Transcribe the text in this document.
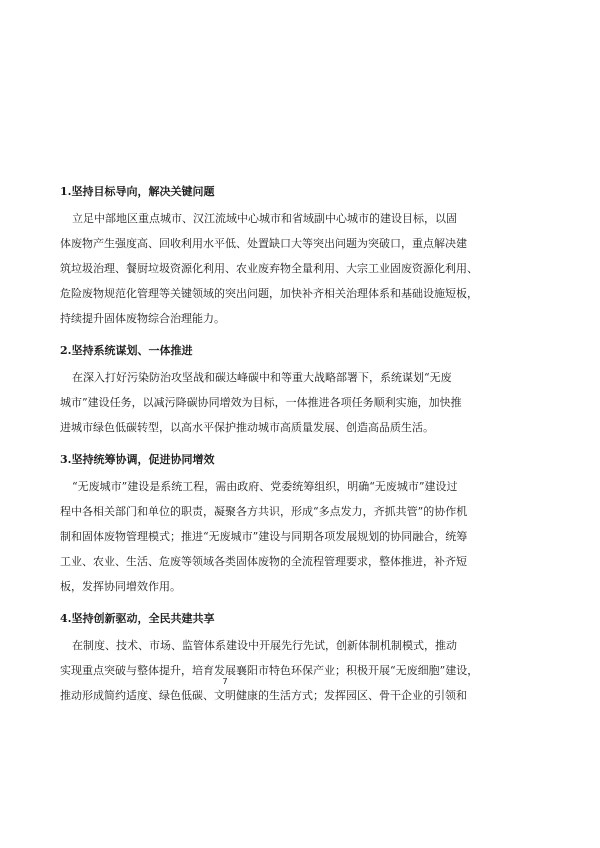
1.坚持目标导向，解决关键问题

立足中部地区重点城市、汉江流域中心城市和省域副中心城市的建设目标，以固
体废物产生强度高、回收利用水平低、处置缺口大等突出问题为突破口，重点解决建
筑垃圾治理、餐厨垃圾资源化利用、农业废弃物全量利用、大宗工业固废资源化利用、
危险废物规范化管理等关键领域的突出问题，加快补齐相关治理体系和基础设施短板，
持续提升固体废物综合治理能力。

2.坚持系统谋划、一体推进

在深入打好污染防治攻坚战和碳达峰碳中和等重大战略部署下，系统谋划“无废
城市”建设任务，以减污降碳协同增效为目标，一体推进各项任务顺利实施，加快推
进城市绿色低碳转型，以高水平保护推动城市高质量发展、创造高品质生活。

3.坚持统筹协调，促进协同增效

“无废城市”建设是系统工程，需由政府、党委统筹组织，明确“无废城市”建设过
程中各相关部门和单位的职责，凝聚各方共识，形成“多点发力，齐抓共管”的协作机
制和固体废物管理模式；推进“无废城市”建设与同期各项发展规划的协同融合，统筹
工业、农业、生活、危废等领域各类固体废物的全流程管理要求，整体推进，补齐短
板，发挥协同增效作用。

4.坚持创新驱动，全民共建共享

在制度、技术、市场、监管体系建设中开展先行先试，创新体制机制模式，推动
实现重点突破与整体提升，培育发展襄阳市特色环保产业；积极开展“无废细胞”建设，
推动形成简约适度、绿色低碳、文明健康的生活方式；发挥园区、骨干企业的引领和
7
